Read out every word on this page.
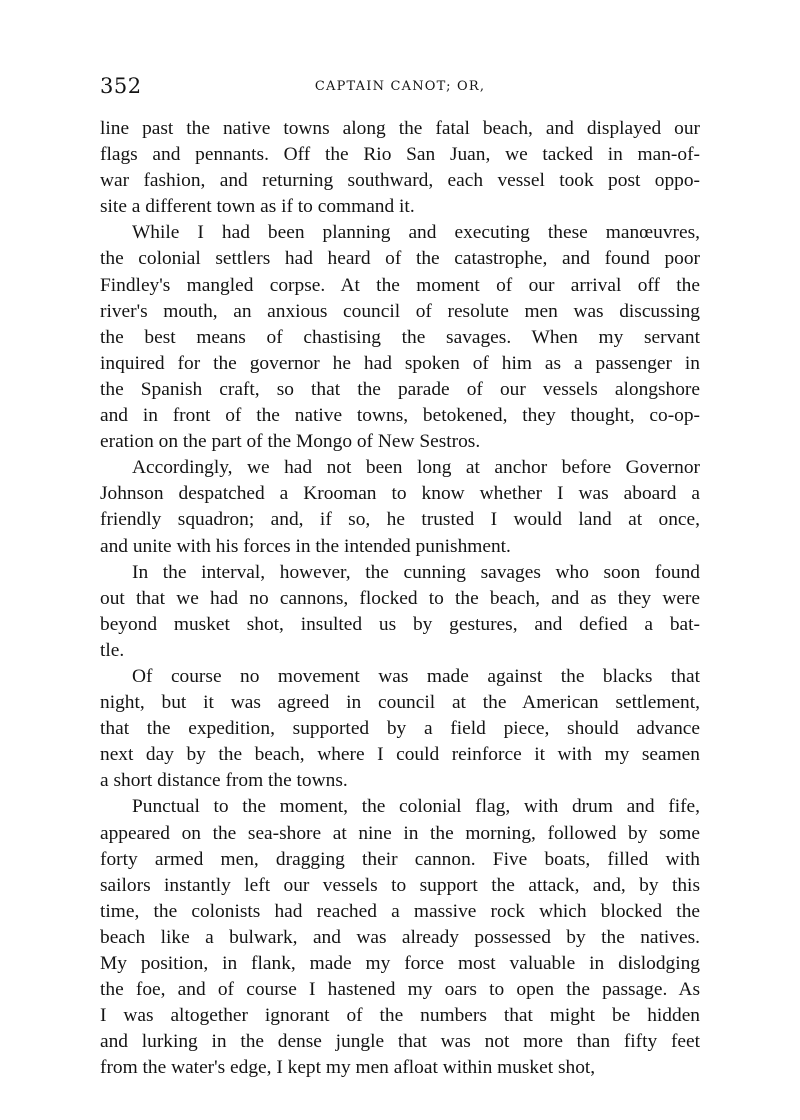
352	CAPTAIN CANOT; OR,
line past the native towns along the fatal beach, and displayed our
flags and pennants. Off the Rio San Juan, we tacked in man-of-
war fashion, and returning southward, each vessel took post oppo-
site a different town as if to command it.
While I had been planning and executing these manœuvres,
the colonial settlers had heard of the catastrophe, and found poor
Findley's mangled corpse. At the moment of our arrival off the
river's mouth, an anxious council of resolute men was discussing
the best means of chastising the savages. When my servant
inquired for the governor he had spoken of him as a passenger in
the Spanish craft, so that the parade of our vessels alongshore
and in front of the native towns, betokened, they thought, co-op-
eration on the part of the Mongo of New Sestros.
Accordingly, we had not been long at anchor before Governor
Johnson despatched a Krooman to know whether I was aboard a
friendly squadron; and, if so, he trusted I would land at once,
and unite with his forces in the intended punishment.
In the interval, however, the cunning savages who soon found
out that we had no cannons, flocked to the beach, and as they were
beyond musket shot, insulted us by gestures, and defied a bat-
tle.
Of course no movement was made against the blacks that
night, but it was agreed in council at the American settlement,
that the expedition, supported by a field piece, should advance
next day by the beach, where I could reinforce it with my seamen
a short distance from the towns.
Punctual to the moment, the colonial flag, with drum and fife,
appeared on the sea-shore at nine in the morning, followed by some
forty armed men, dragging their cannon. Five boats, filled with
sailors instantly left our vessels to support the attack, and, by this
time, the colonists had reached a massive rock which blocked the
beach like a bulwark, and was already possessed by the natives.
My position, in flank, made my force most valuable in dislodging
the foe, and of course I hastened my oars to open the passage. As
I was altogether ignorant of the numbers that might be hidden
and lurking in the dense jungle that was not more than fifty feet
from the water's edge, I kept my men afloat within musket shot,
